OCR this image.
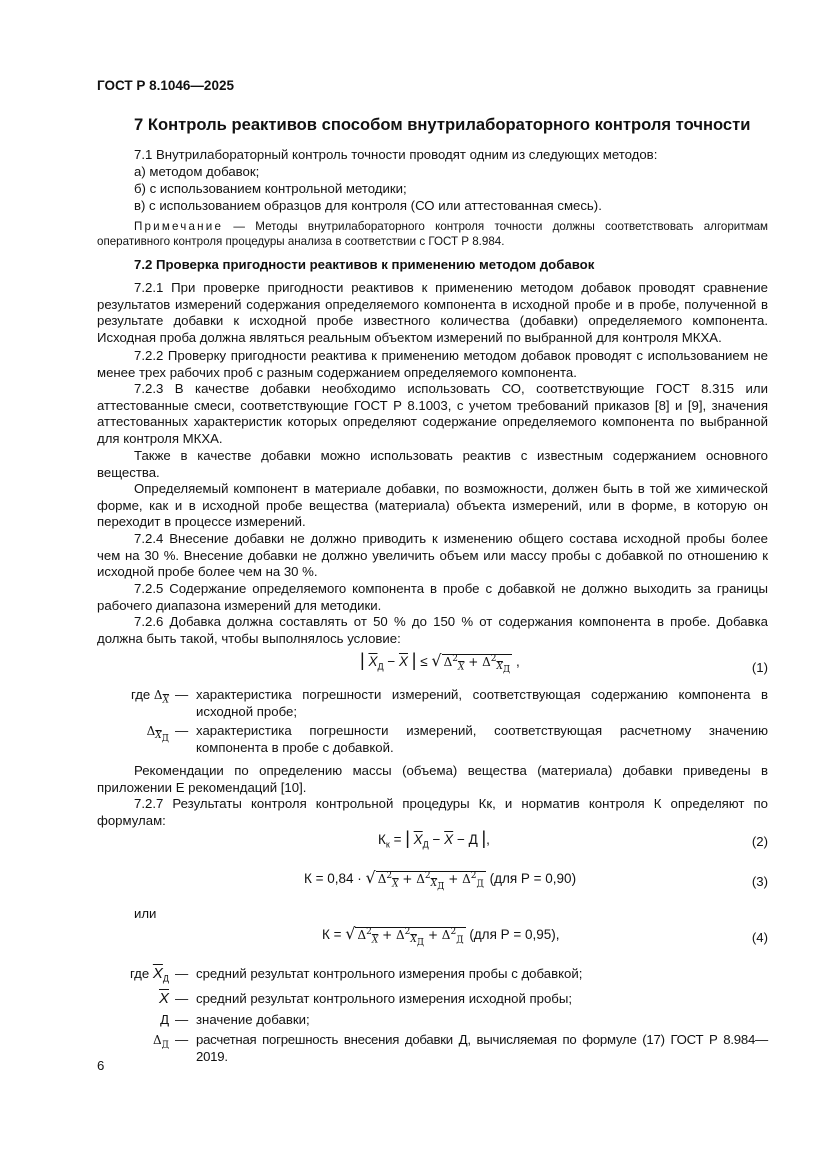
ГОСТ Р 8.1046—2025
7 Контроль реактивов способом внутрилабораторного контроля точности
7.1 Внутрилабораторный контроль точности проводят одним из следующих методов:
а) методом добавок;
б) с использованием контрольной методики;
в) с использованием образцов для контроля (СО или аттестованная смесь).

Примечание — Методы внутрилабораторного контроля точности должны соответствовать алгоритмам оперативного контроля процедуры анализа в соответствии с ГОСТ Р 8.984.

7.2 Проверка пригодности реактивов к применению методом добавок

7.2.1 При проверке пригодности реактивов к применению методом добавок проводят сравнение результатов измерений содержания определяемого компонента в исходной пробе и в пробе, полученной в результате добавки к исходной пробе известного количества (добавки) определяемого компонента. Исходная проба должна являться реальным объектом измерений по выбранной для контроля МКХА.

7.2.2 Проверку пригодности реактива к применению методом добавок проводят с использованием не менее трех рабочих проб с разным содержанием определяемого компонента.

7.2.3 В качестве добавки необходимо использовать СО, соответствующие ГОСТ 8.315 или аттестованные смеси, соответствующие ГОСТ Р 8.1003, с учетом требований приказов [8] и [9], значения аттестованных характеристик которых определяют содержание определяемого компонента по выбранной для контроля МКХА.

Также в качестве добавки можно использовать реактив с известным содержанием основного вещества.

Определяемый компонент в материале добавки, по возможности, должен быть в той же химической форме, как и в исходной пробе вещества (материала) объекта измерений, или в форме, в которую он переходит в процессе измерений.

7.2.4 Внесение добавки не должно приводить к изменению общего состава исходной пробы более чем на 30 %. Внесение добавки не должно увеличить объем или массу пробы с добавкой по отношению к исходной пробе более чем на 30 %.

7.2.5 Содержание определяемого компонента в пробе с добавкой не должно выходить за границы рабочего диапазона измерений для методики.

7.2.6 Добавка должна составлять от 50 % до 150 % от содержания компонента в пробе. Добавка должна быть такой, чтобы выполнялось условие:

| $\overline{X}_Д - \overline{X}$ | ≤ √ $\Delta^2_{\overline{X}} + \Delta^2_{\overline{X}_Д}$ ,	(1)
где $\Delta_{\overline{X}}$ — характеристика погрешности измерений, соответствующая содержанию компонента в исходной пробе;
$\Delta_{\overline{X}_Д}$
— характеристика погрешности измерений, соответствующая расчетному значению компонента в пробе с добавкой.

Рекомендации по определению массы (объема) вещества (материала) добавки приведены в приложении Е рекомендаций [10].

7.2.7 Результаты контроля контрольной процедуры Кк, и норматив контроля К определяют по формулам:

$К_к$ = | $\overline{X}_Д - \overline{X} - Д$ |,	(2)
К = 0,84 · √ $\Delta^2_{\overline{X}} + \Delta^2_{\overline{X}_Д} + \Delta^2_Д$ (для Р = 0,90)	(3)
или
К = √ $\Delta^2_{\overline{X}} + \Delta^2_{\overline{X}_Д} + \Delta^2_Д$ (для Р = 0,95),	(4)
где $\overline{X}_Д$ — средний результат контрольного измерения пробы с добавкой;
$\overline{X}$ — средний результат контрольного измерения исходной пробы;
Д — значение добавки;
$\Delta_Д$ — расчетная погрешность внесения добавки Д, вычисляемая по формуле (17) ГОСТ Р 8.984—2019.
6
